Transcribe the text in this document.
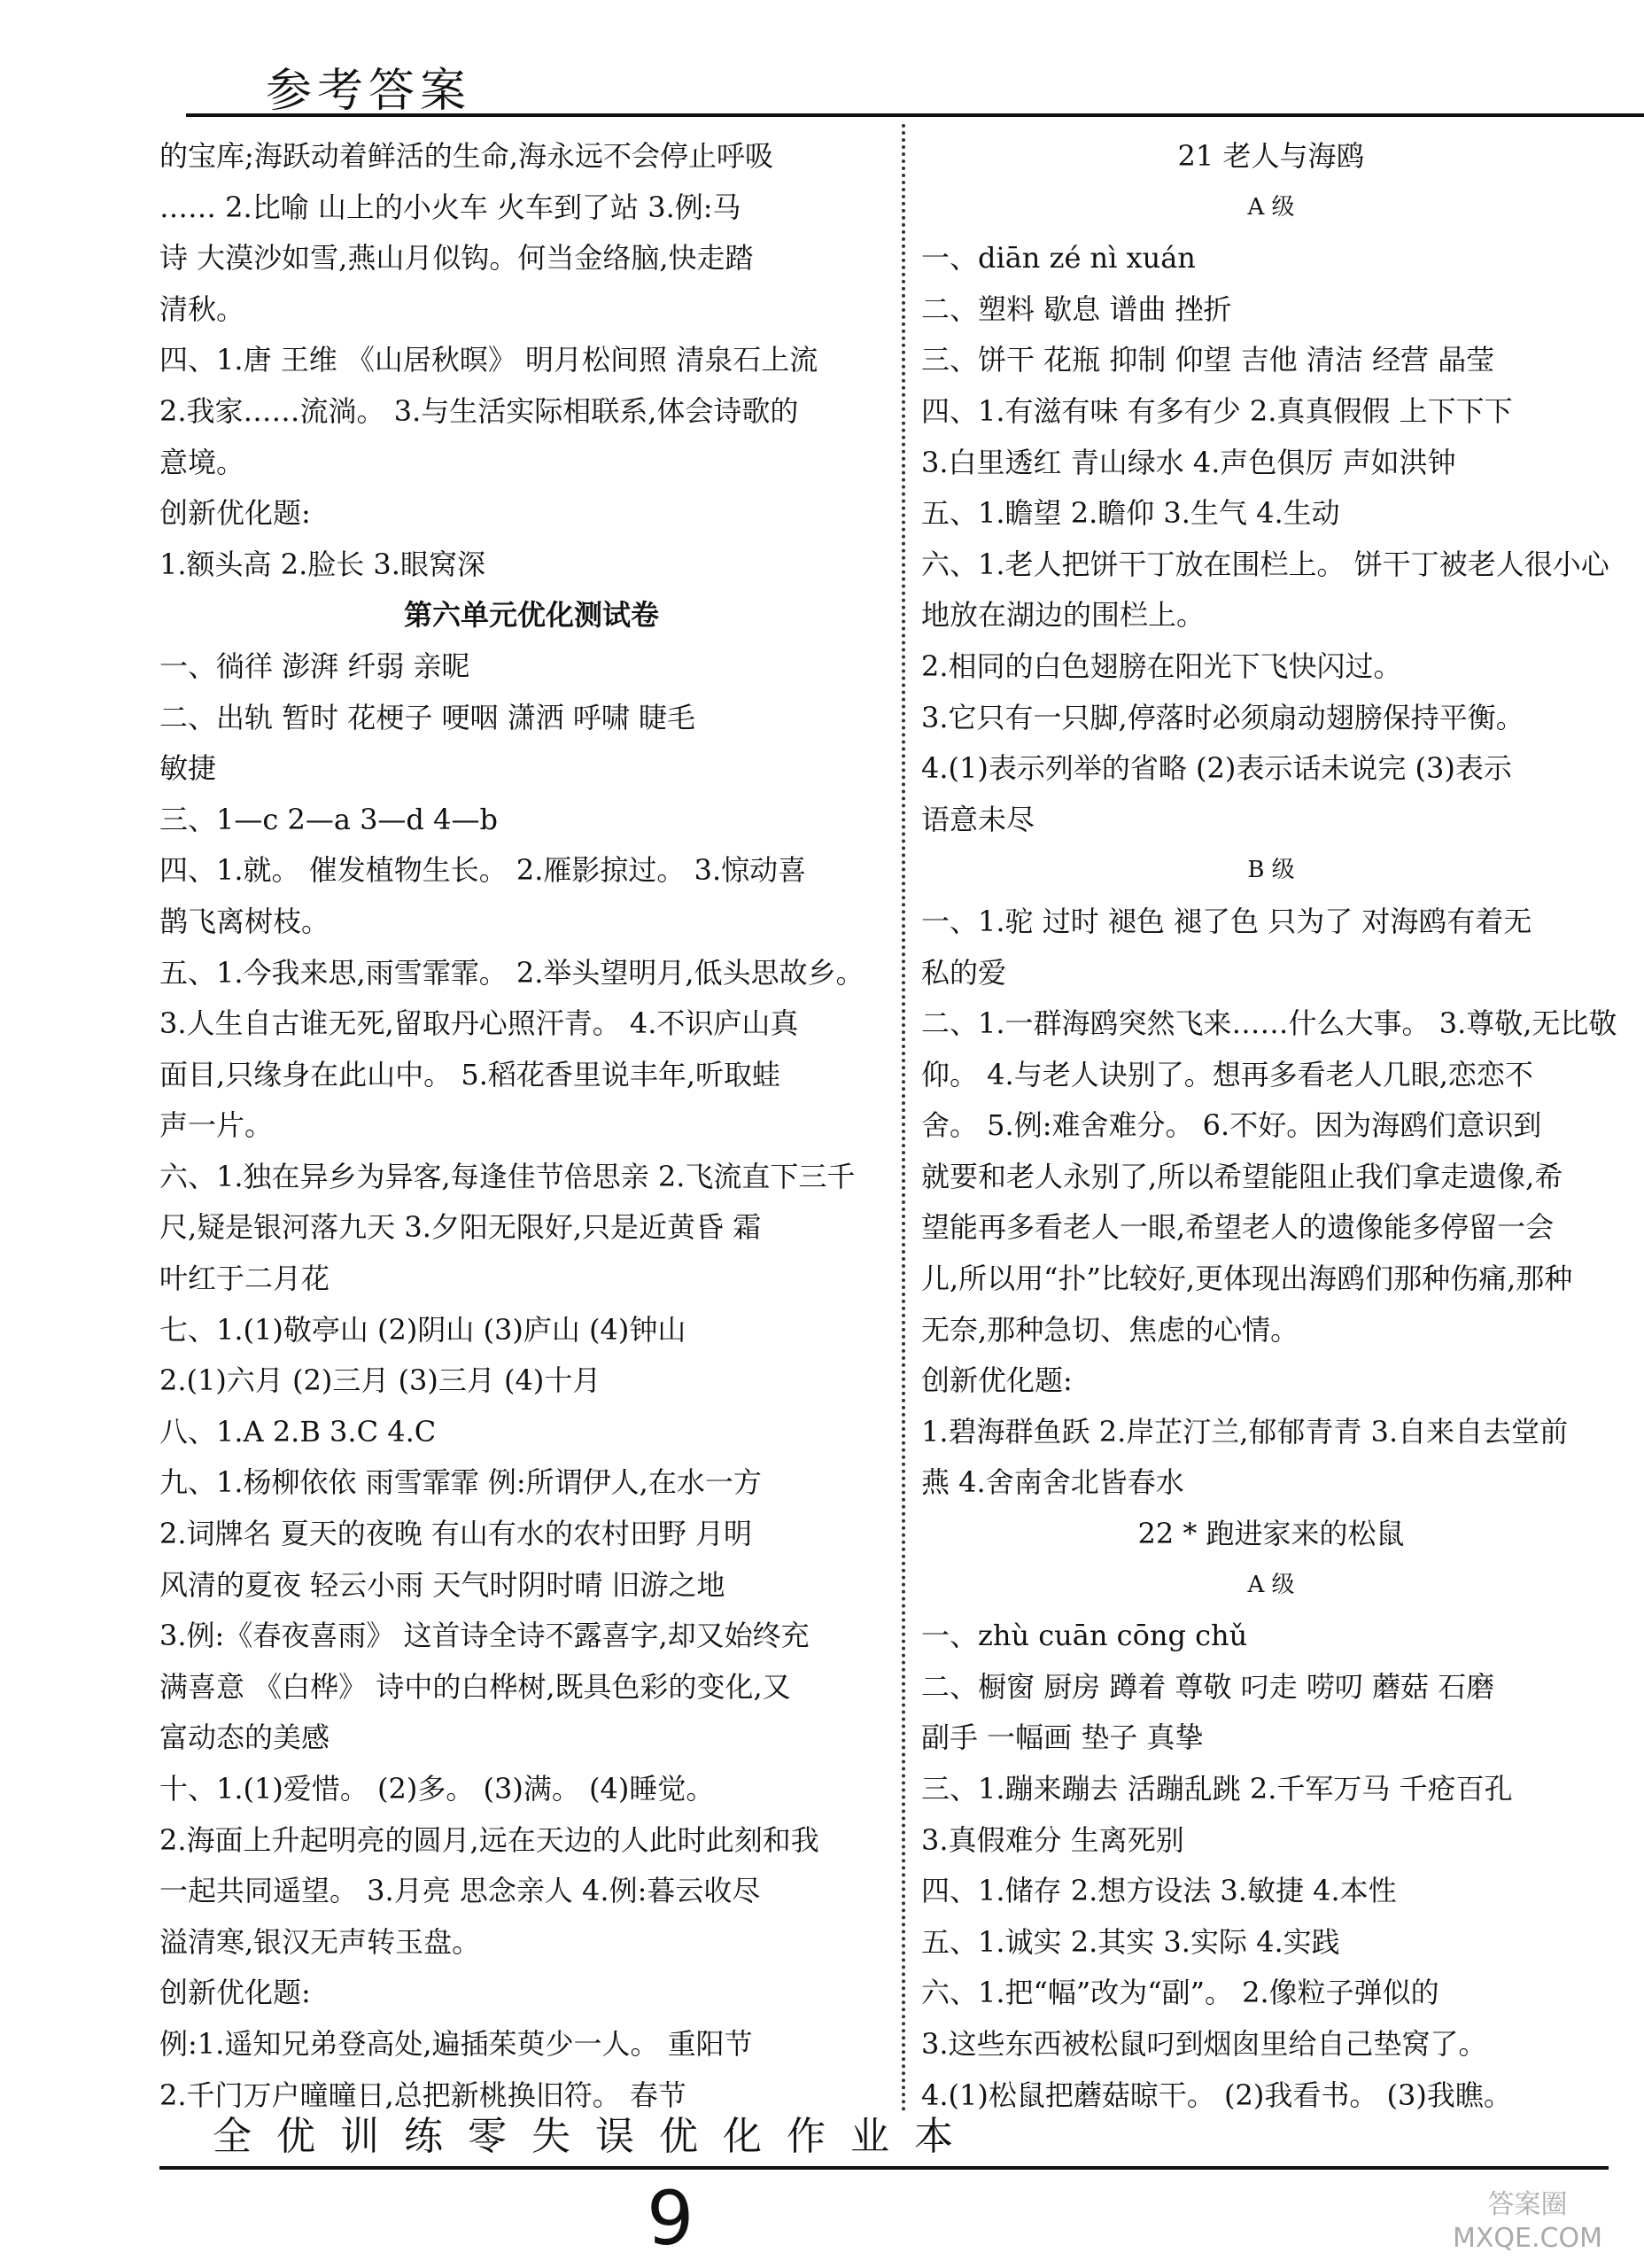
参考答案
的宝库;海跃动着鲜活的生命,海永远不会停止呼吸
…… 2.比喻 山上的小火车 火车到了站 3.例:马
诗 大漠沙如雪,燕山月似钩。何当金络脑,快走踏
清秋。
四、1.唐 王维 《山居秋暝》 明月松间照 清泉石上流
2.我家……流淌。 3.与生活实际相联系,体会诗歌的
意境。
创新优化题:
1.额头高 2.脸长 3.眼窝深
第六单元优化测试卷
一、徜徉 澎湃 纤弱 亲昵
二、出轨 暂时 花梗子 哽咽 潇洒 呼啸 睫毛
敏捷
三、1—c 2—a 3—d 4—b
四、1.就。 催发植物生长。 2.雁影掠过。 3.惊动喜
鹊飞离树枝。
五、1.今我来思,雨雪霏霏。 2.举头望明月,低头思故乡。
3.人生自古谁无死,留取丹心照汗青。 4.不识庐山真
面目,只缘身在此山中。 5.稻花香里说丰年,听取蛙
声一片。
六、1.独在异乡为异客,每逢佳节倍思亲 2.飞流直下三千
尺,疑是银河落九天 3.夕阳无限好,只是近黄昏 霜
叶红于二月花
七、1.(1)敬亭山 (2)阴山 (3)庐山 (4)钟山
2.(1)六月 (2)三月 (3)三月 (4)十月
八、1.A 2.B 3.C 4.C
九、1.杨柳依依 雨雪霏霏 例:所谓伊人,在水一方
2.词牌名 夏天的夜晚 有山有水的农村田野 月明
风清的夏夜 轻云小雨 天气时阴时晴 旧游之地
3.例:《春夜喜雨》 这首诗全诗不露喜字,却又始终充
满喜意 《白桦》 诗中的白桦树,既具色彩的变化,又
富动态的美感
十、1.(1)爱惜。 (2)多。 (3)满。 (4)睡觉。
2.海面上升起明亮的圆月,远在天边的人此时此刻和我
一起共同遥望。 3.月亮 思念亲人 4.例:暮云收尽
溢清寒,银汉无声转玉盘。
创新优化题:
例:1.遥知兄弟登高处,遍插茱萸少一人。 重阳节
2.千门万户曈曈日,总把新桃换旧符。 春节
21 老人与海鸥
A 级
一、diān zé nì xuán
二、塑料 歇息 谱曲 挫折
三、饼干 花瓶 抑制 仰望 吉他 清洁 经营 晶莹
四、1.有滋有味 有多有少 2.真真假假 上下下下
3.白里透红 青山绿水 4.声色俱厉 声如洪钟
五、1.瞻望 2.瞻仰 3.生气 4.生动
六、1.老人把饼干丁放在围栏上。 饼干丁被老人很小心
地放在湖边的围栏上。
2.相同的白色翅膀在阳光下飞快闪过。
3.它只有一只脚,停落时必须扇动翅膀保持平衡。
4.(1)表示列举的省略 (2)表示话未说完 (3)表示
语意未尽
B 级
一、1.驼 过时 褪色 褪了色 只为了 对海鸥有着无
私的爱
二、1.一群海鸥突然飞来……什么大事。 3.尊敬,无比敬
仰。 4.与老人诀别了。想再多看老人几眼,恋恋不
舍。 5.例:难舍难分。 6.不好。因为海鸥们意识到
就要和老人永别了,所以希望能阻止我们拿走遗像,希
望能再多看老人一眼,希望老人的遗像能多停留一会
儿,所以用“扑”比较好,更体现出海鸥们那种伤痛,那种
无奈,那种急切、焦虑的心情。
创新优化题:
1.碧海群鱼跃 2.岸芷汀兰,郁郁青青 3.自来自去堂前
燕 4.舍南舍北皆春水
22 * 跑进家来的松鼠
A 级
一、zhù cuān cōng chǔ
二、橱窗 厨房 蹲着 尊敬 叼走 唠叨 蘑菇 石磨
副手 一幅画 垫子 真挚
三、1.蹦来蹦去 活蹦乱跳 2.千军万马 千疮百孔
3.真假难分 生离死别
四、1.储存 2.想方设法 3.敏捷 4.本性
五、1.诚实 2.其实 3.实际 4.实践
六、1.把“幅”改为“副”。 2.像粒子弹似的
3.这些东西被松鼠叼到烟囱里给自己垫窝了。
4.(1)松鼠把蘑菇晾干。 (2)我看书。 (3)我瞧。
全优训练零失误优化作业本
9	答案圈
MXQE.COM
